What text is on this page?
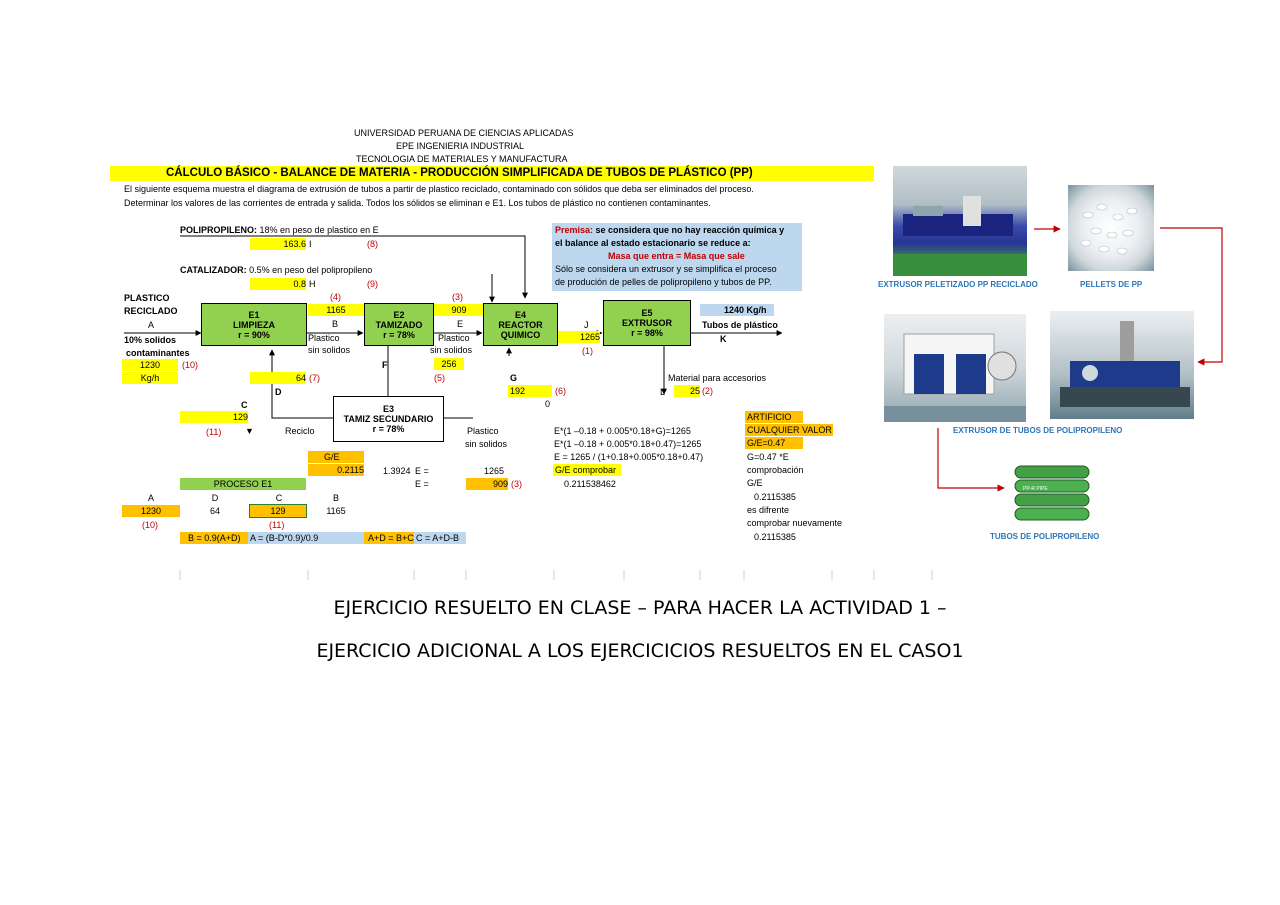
UNIVERSIDAD PERUANA DE CIENCIAS APLICADAS
EPE INGENIERIA INDUSTRIAL
TECNOLOGIA DE MATERIALES Y MANUFACTURA
CÁLCULO BÁSICO - BALANCE DE MATERIA - PRODUCCIÓN SIMPLIFICADA DE TUBOS DE PLÁSTICO (PP)
El siguiente esquema muestra el diagrama de extrusión de tubos a partir de plastico reciclado, contaminado con sólidos que deba ser eliminados del proceso.
Determinar los valores de las corrientes de entrada y salida. Todos los sólidos se eliminan e E1. Los tubos de plástico no contienen contaminantes.
POLIPROPILENO: 18% en peso de plastico en E
163.6 I	(8)
CATALIZADOR: 0.5% en peso del polipropileno
0.8 H	(9)
Premisa: se considera que no hay reacción química y
el balance al estado estacionario se reduce a:
Masa que entra = Masa que sale
Sólo se considera un extrusor y se simplifica el proceso
de produción de pelles de polipropileno y tubos de PP.
PLASTICO
RECICLADO
A
10% solidos
contaminantes
1230	(10)
Kg/h
E1
LIMPIEZA
r = 90%
(4)
1165
B
Plastico
sin solidos
E2
TAMIZADO
r = 78%
(3)
909
E
Plastico
sin solidos
E4
REACTOR
QUIMICO
J
1265
(1)
E5
EXTRUSOR
r = 98%
1240 Kg/h
Tubos de plástico
K
256
(5)
F
64 (7)
D
C
129
(11)	▼	Reciclo
E3
TAMIZ SECUNDARIO
r = 78%	Plastico
sin solidos
G
192	(6)
0
Material para accesorios
L	25 (2)
G/E
0.2115 1.3924 E =	1265
E =	909 (3)
E*(1 –0.18 + 0.005*0.18+G)=1265
E*(1 –0.18 + 0.005*0.18+0.47)=1265
E = 1265 / (1+0.18+0.005*0.18+0.47)
G/E comprobar
0.211538462
ARTIFICIO
CUALQUIER VALOR
G/E=0.47
G=0.47 *E
comprobación
G/E
0.2115385
es difrente
comprobar nuevamente
0.2115385
PROCESO E1
A	D	C	B
1230	64	129	1165
(10)	(11)
B = 0.9(A+D)	A = (B-D*0.9)/0.9	A+D = B+C C = A+D-B
EXTRUSOR PELETIZADO PP RECICLADO	PELLETS DE PP
EXTRUSOR DE TUBOS DE POLIPROPILENO
PP-R PIPE
TUBOS DE POLIPROPILENO
EJERCICIO RESUELTO EN CLASE – PARA HACER LA ACTIVIDAD 1 –
EJERCICIO ADICIONAL A LOS EJERCICICIOS RESUELTOS EN EL CASO1
